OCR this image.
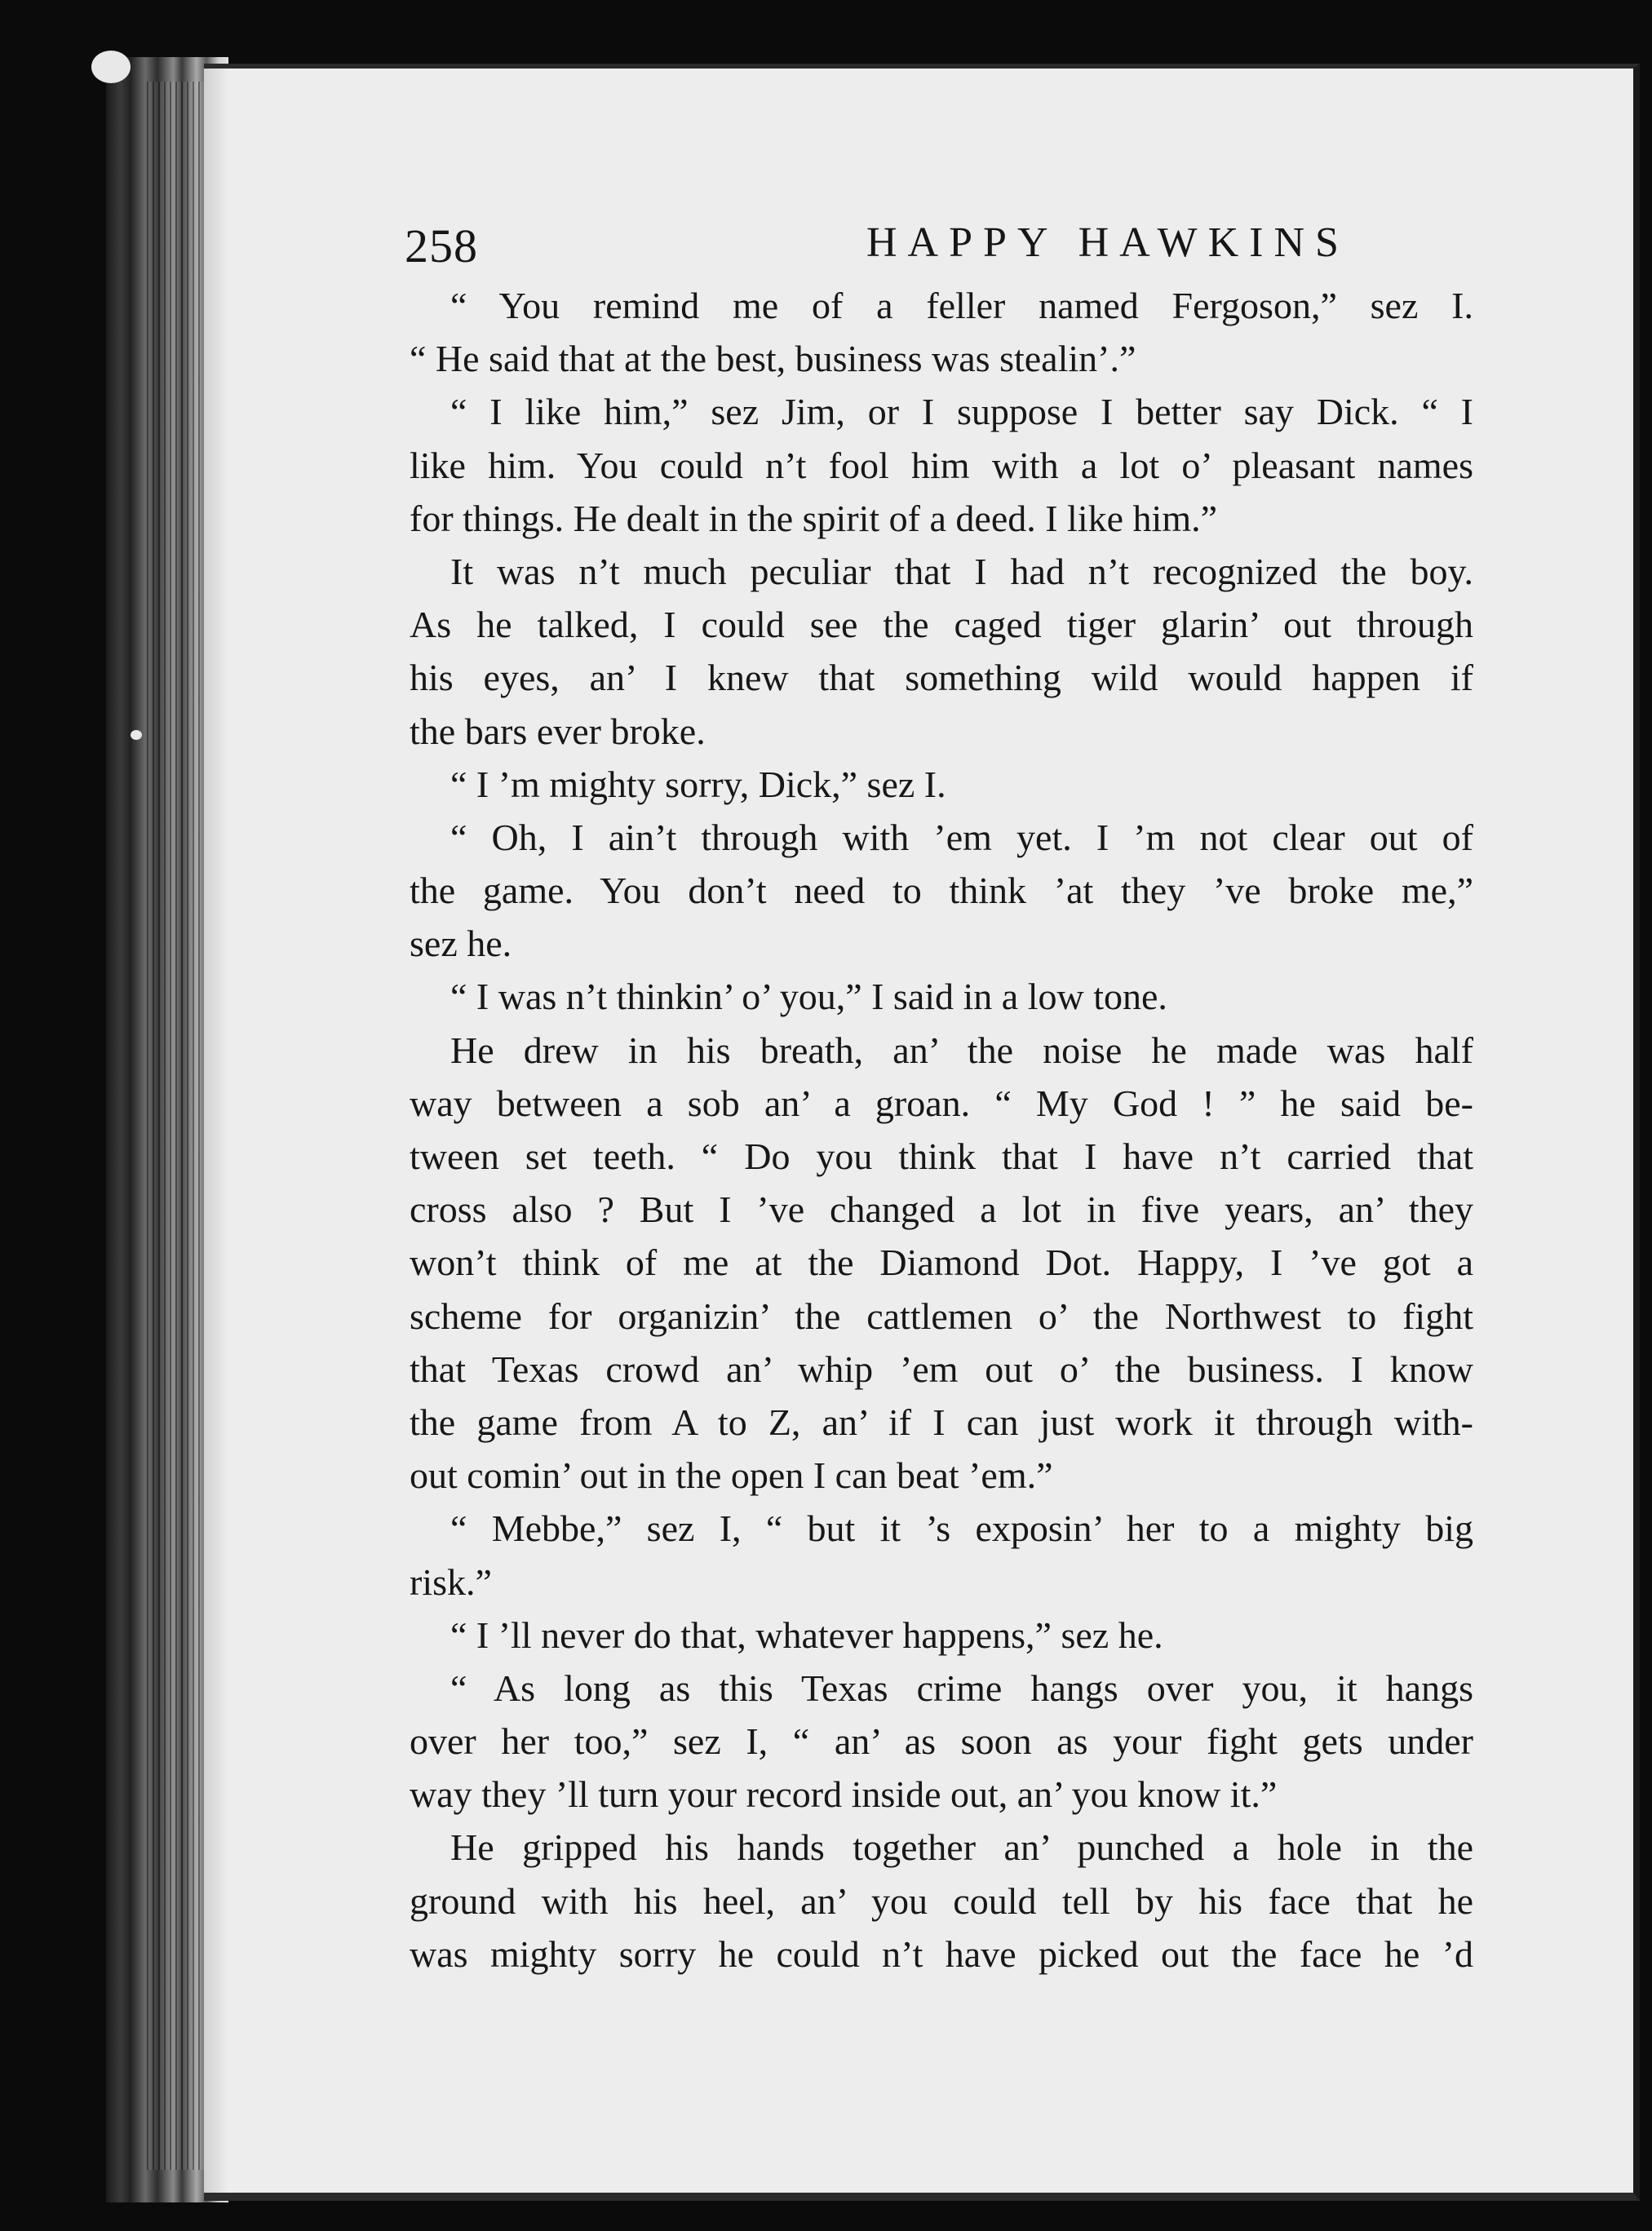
258	HAPPY HAWKINS
“ You remind me of a feller named Fergoson,” sez I.
“ He said that at the best, business was stealin’.”
“ I like him,” sez Jim, or I suppose I better say Dick. “ I
like him. You could n’t fool him with a lot o’ pleasant names
for things. He dealt in the spirit of a deed. I like him.”
It was n’t much peculiar that I had n’t recognized the boy.
As he talked, I could see the caged tiger glarin’ out through
his eyes, an’ I knew that something wild would happen if
the bars ever broke.
“ I ’m mighty sorry, Dick,” sez I.
“ Oh, I ain’t through with ’em yet. I ’m not clear out of
the game. You don’t need to think ’at they ’ve broke me,”
sez he.
“ I was n’t thinkin’ o’ you,” I said in a low tone.
He drew in his breath, an’ the noise he made was half
way between a sob an’ a groan. “ My God ! ” he said be-
tween set teeth. “ Do you think that I have n’t carried that
cross also ? But I ’ve changed a lot in five years, an’ they
won’t think of me at the Diamond Dot. Happy, I ’ve got a
scheme for organizin’ the cattlemen o’ the Northwest to fight
that Texas crowd an’ whip ’em out o’ the business. I know
the game from A to Z, an’ if I can just work it through with-
out comin’ out in the open I can beat ’em.”
“ Mebbe,” sez I, “ but it ’s exposin’ her to a mighty big
risk.”
“ I ’ll never do that, whatever happens,” sez he.
“ As long as this Texas crime hangs over you, it hangs
over her too,” sez I, “ an’ as soon as your fight gets under
way they ’ll turn your record inside out, an’ you know it.”
He gripped his hands together an’ punched a hole in the
ground with his heel, an’ you could tell by his face that he
was mighty sorry he could n’t have picked out the face he ’d
